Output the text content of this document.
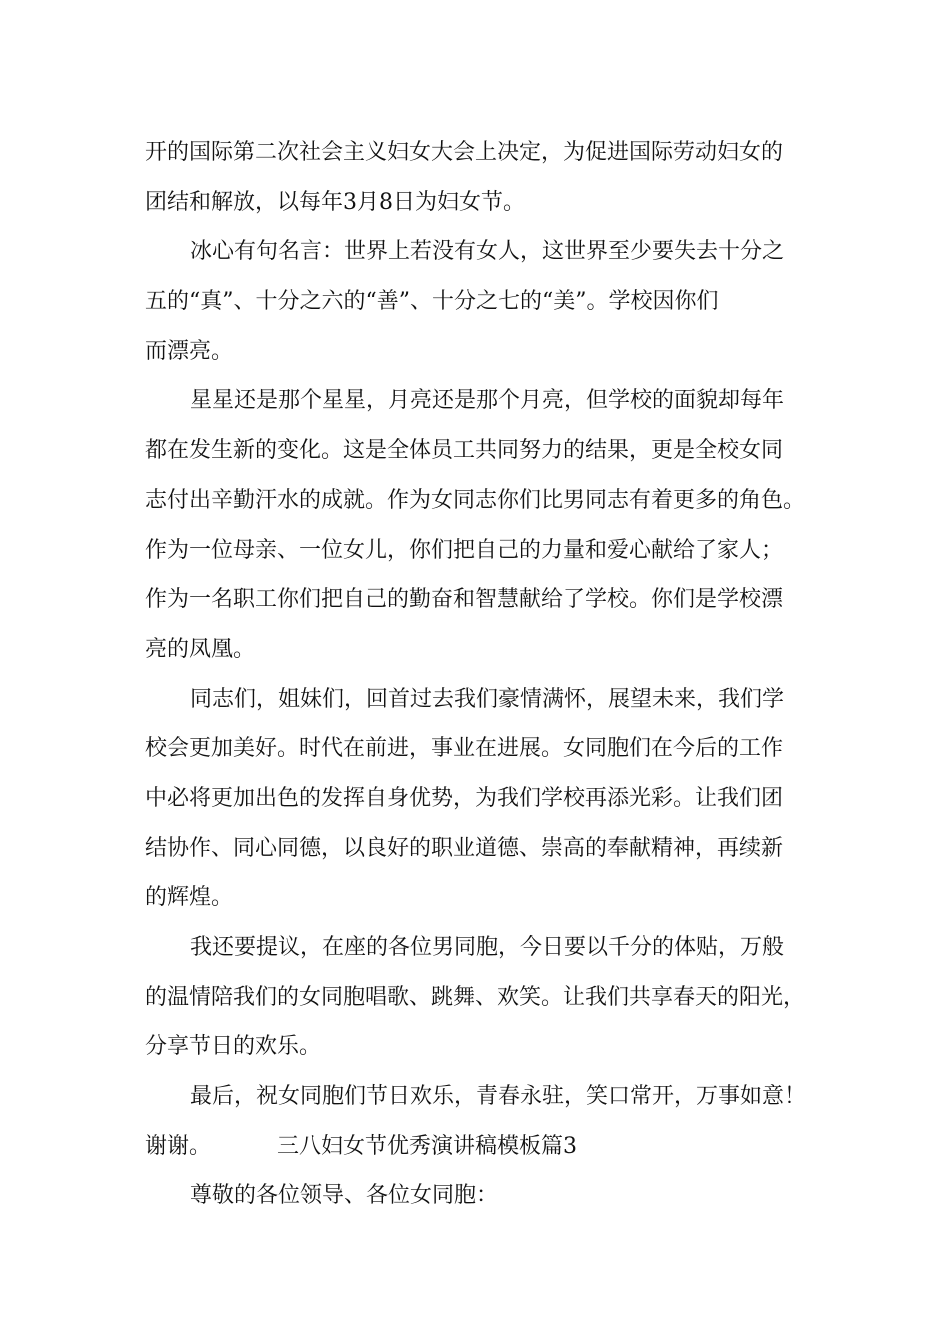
开的国际第二次社会主义妇女大会上决定，为促进国际劳动妇女的
团结和解放，以每年3月8日为妇女节。
冰心有句名言：世界上若没有女人，这世界至少要失去十分之
五的“真”、十分之六的“善”、十分之七的“美”。学校因你们
而漂亮。
星星还是那个星星，月亮还是那个月亮，但学校的面貌却每年
都在发生新的变化。这是全体员工共同努力的结果，更是全校女同
志付出辛勤汗水的成就。作为女同志你们比男同志有着更多的角色。
作为一位母亲、一位女儿，你们把自己的力量和爱心献给了家人；
作为一名职工你们把自己的勤奋和智慧献给了学校。你们是学校漂
亮的凤凰。
同志们，姐妹们，回首过去我们豪情满怀，展望未来，我们学
校会更加美好。时代在前进，事业在进展。女同胞们在今后的工作
中必将更加出色的发挥自身优势，为我们学校再添光彩。让我们团
结协作、同心同德，以良好的职业道德、崇高的奉献精神，再续新
的辉煌。
我还要提议，在座的各位男同胞，今日要以千分的体贴，万般
的温情陪我们的女同胞唱歌、跳舞、欢笑。让我们共享春天的阳光，
分享节日的欢乐。
最后，祝女同胞们节日欢乐，青春永驻，笑口常开，万事如意！
谢谢。	三八妇女节优秀演讲稿模板篇3
尊敬的各位领导、各位女同胞：
